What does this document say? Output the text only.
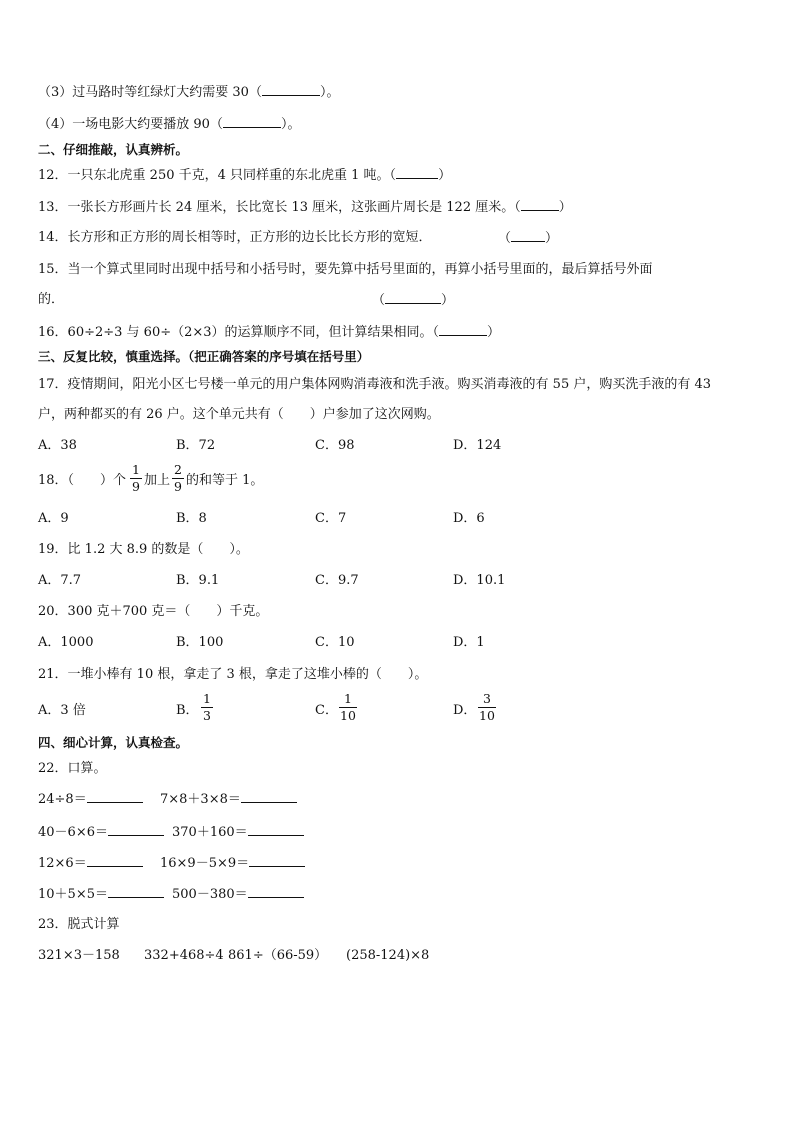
（3）过马路时等红绿灯大约需要 30（	）。
（4）一场电影大约要播放 90（	）。
二、仔细推敲，认真辨析。
12．一只东北虎重 250 千克，4 只同样重的东北虎重 1 吨。（	）
13．一张长方形画片长 24 厘米，长比宽长 13 厘米，这张画片周长是 122 厘米。（	）
14．长方形和正方形的周长相等时，正方形的边长比长方形的宽短．	（	）
15．当一个算式里同时出现中括号和小括号时，要先算中括号里面的，再算小括号里面的，最后算括号外面
的．	（	）
16．60÷2÷3 与 60÷（2×3）的运算顺序不同，但计算结果相同。（	）
三、反复比较，慎重选择。（把正确答案的序号填在括号里）
17．疫情期间，阳光小区七号楼一单元的用户集体网购消毒液和洗手液。购买消毒液的有 55 户，购买洗手液的有 43
户，两种都买的有 26 户。这个单元共有（　　）户参加了这次网购。
A．38	B．72	C．98	D．124
18．（　　）个
1
9 加上
2
9 的和等于 1。
A．9	B．8	C．7	D．6
19．比 1.2 大 8.9 的数是（　　）。
A．7.7	B．9.1	C．9.7	D．10.1
20．300 克＋700 克＝（　　）千克。
A．1000	B．100	C．10	D．1
21．一堆小棒有 10 根，拿走了 3 根，拿走了这堆小棒的（　　）。
A．3 倍	B．
1
3	C．
1
10	D．
3
10
四、细心计算，认真检查。
22．口算。
24÷8＝	7×8＋3×8＝
40－6×6＝	370＋160＝
12×6＝	16×9－5×9＝
10＋5×5＝	500－380＝
23．脱式计算
321×3－158 332+468÷4 861÷（66-59） (258-124)×8
